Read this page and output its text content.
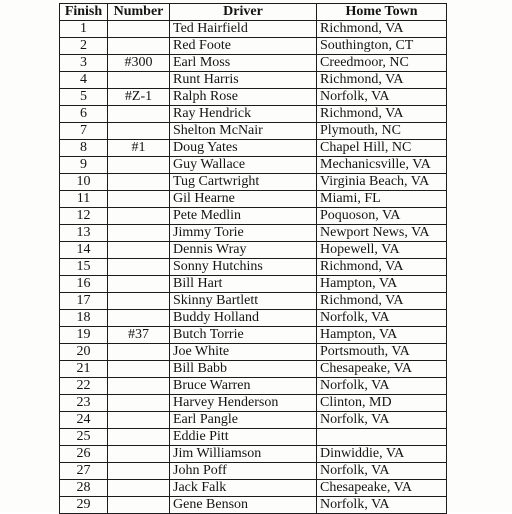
Finish	Number	Driver	Home Town
1		Ted Hairfield	Richmond, VA
2		Red Foote	Southington, CT
3	#300	Earl Moss	Creedmoor, NC
4		Runt Harris	Richmond, VA
5	#Z-1	Ralph Rose	Norfolk, VA
6		Ray Hendrick	Richmond, VA
7		Shelton McNair	Plymouth, NC
8	#1	Doug Yates	Chapel Hill, NC
9		Guy Wallace	Mechanicsville, VA
10		Tug Cartwright	Virginia Beach, VA
11		Gil Hearne	Miami, FL
12		Pete Medlin	Poquoson, VA
13		Jimmy Torie	Newport News, VA
14		Dennis Wray	Hopewell, VA
15		Sonny Hutchins	Richmond, VA
16		Bill Hart	Hampton, VA
17		Skinny Bartlett	Richmond, VA
18		Buddy Holland	Norfolk, VA
19	#37	Butch Torrie	Hampton, VA
20		Joe White	Portsmouth, VA
21		Bill Babb	Chesapeake, VA
22		Bruce Warren	Norfolk, VA
23		Harvey Henderson	Clinton, MD
24		Earl Pangle	Norfolk, VA
25		Eddie Pitt	
26		Jim Williamson	Dinwiddie, VA
27		John Poff	Norfolk, VA
28		Jack Falk	Chesapeake, VA
29		Gene Benson	Norfolk, VA
